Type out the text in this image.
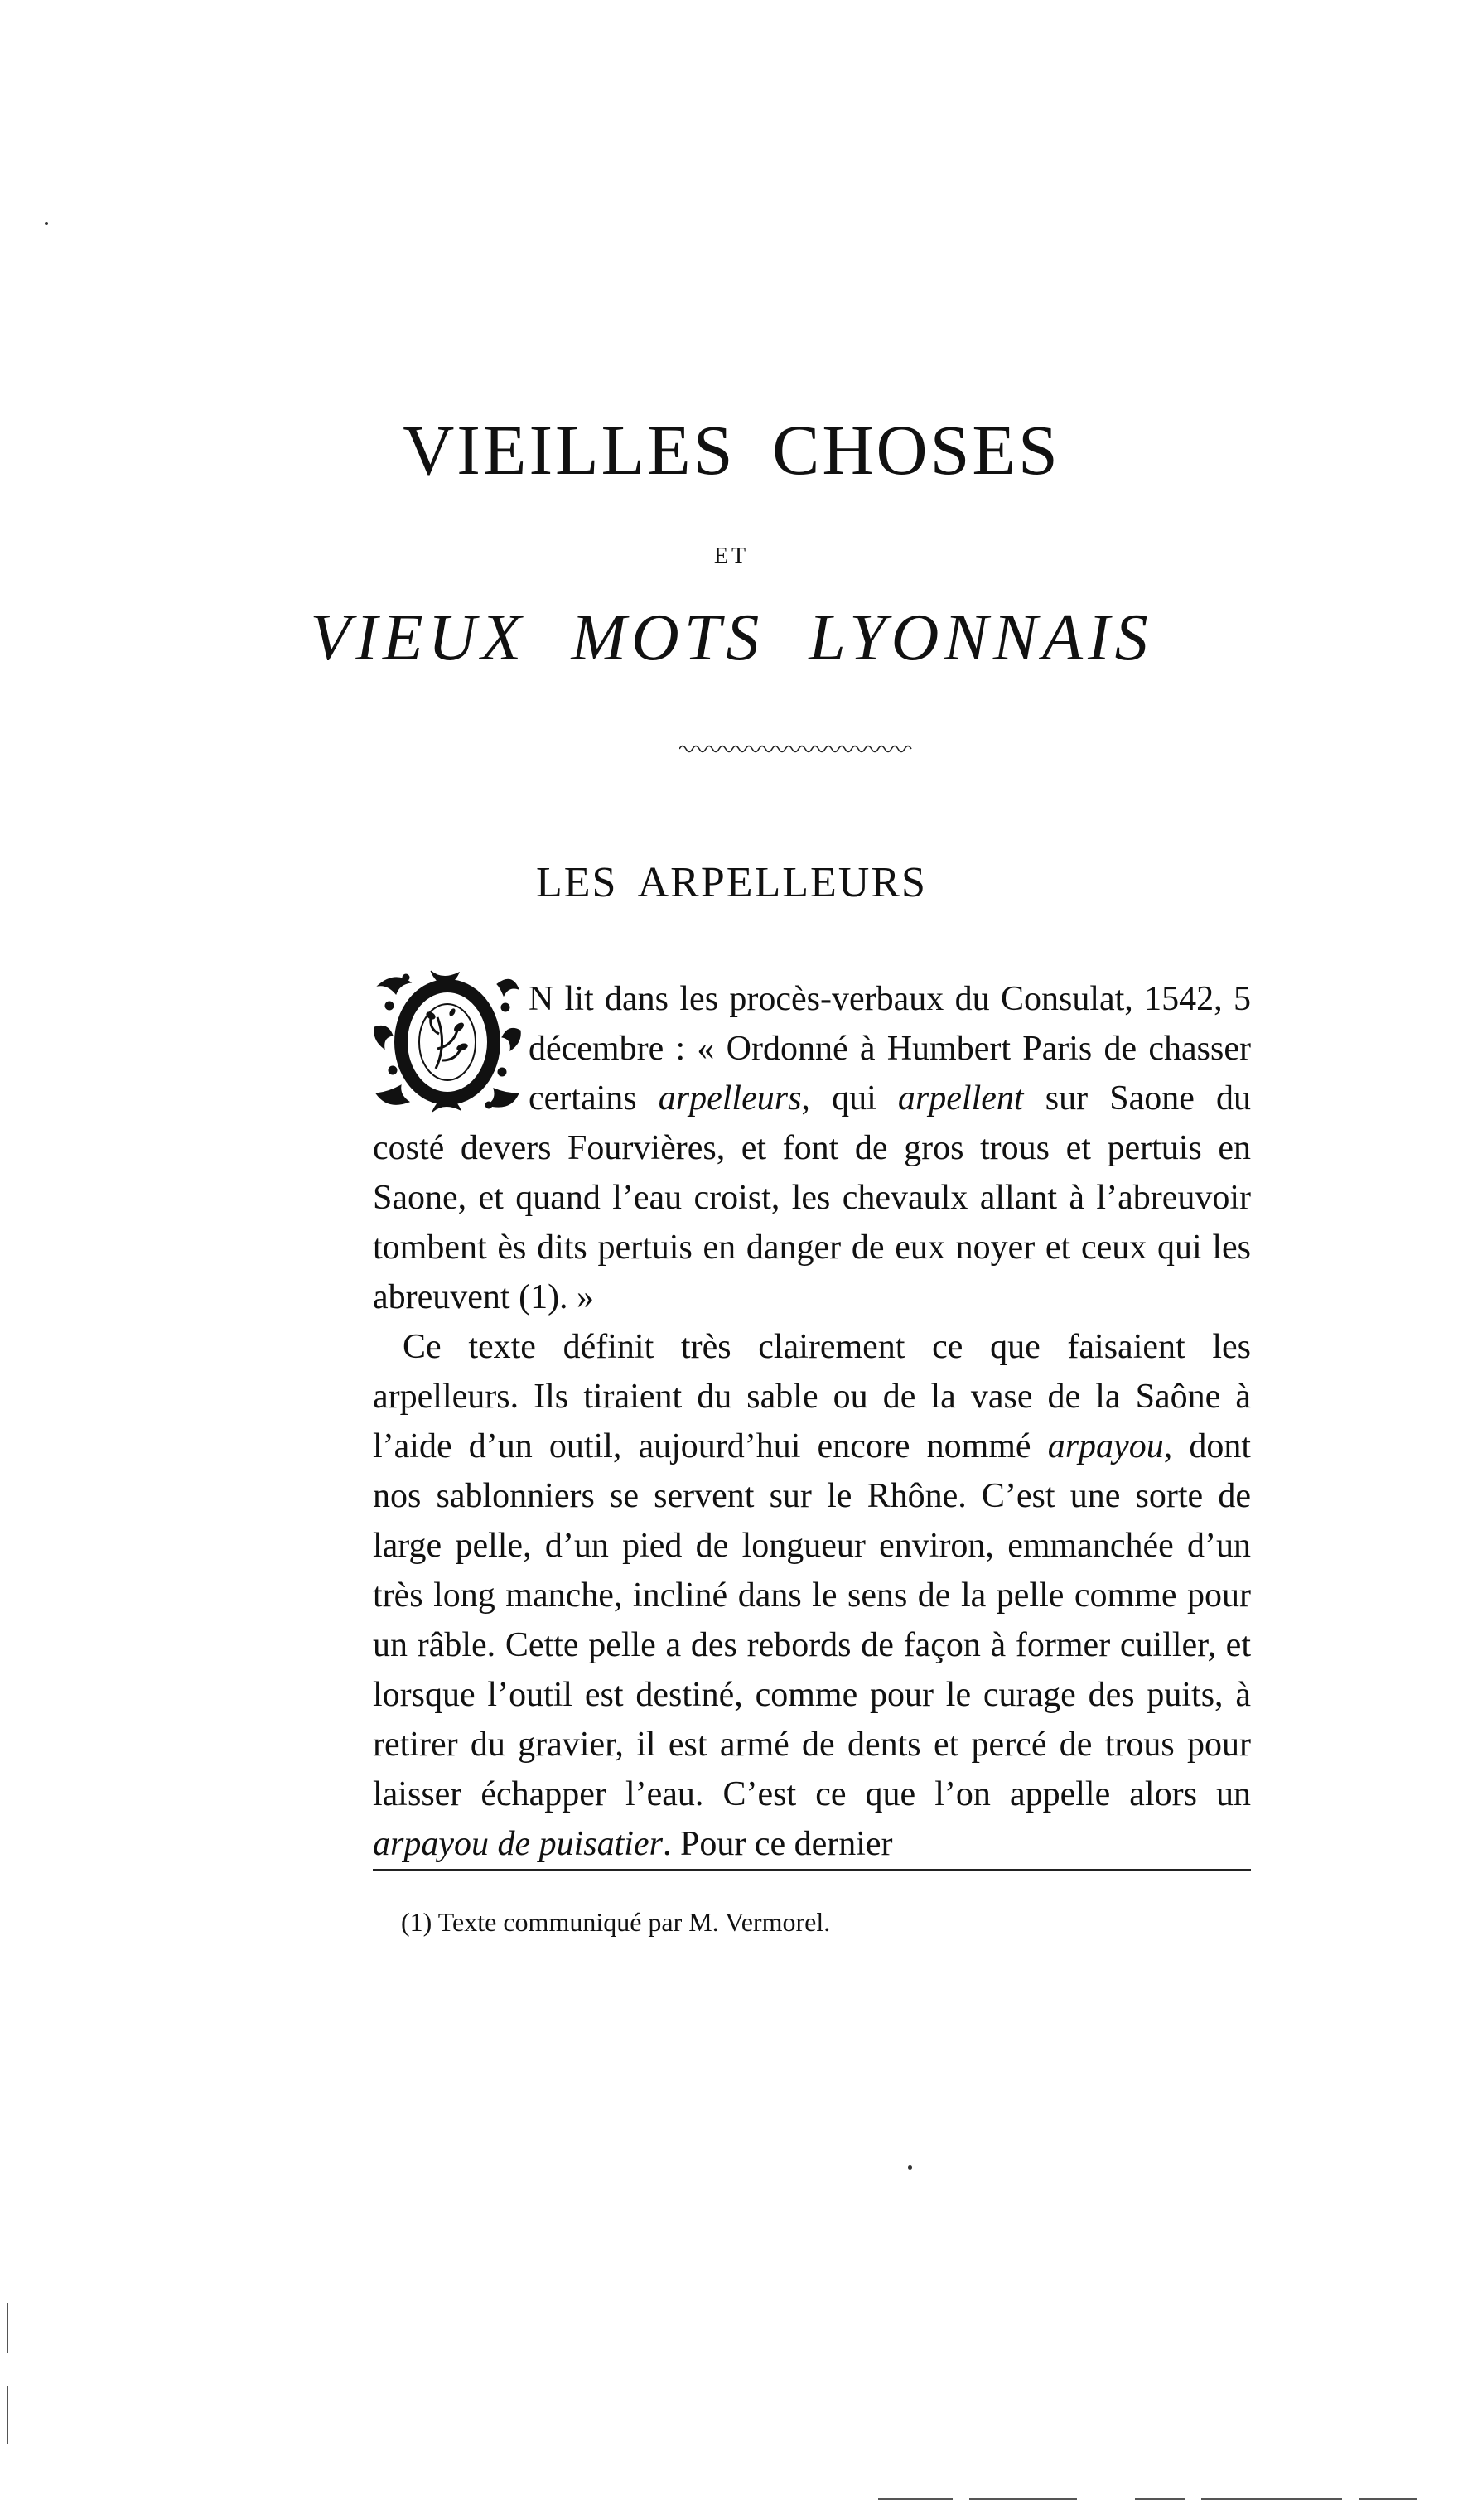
VIEILLES CHOSES
ET
VIEUX MOTS LYONNAIS
LES ARPELLEURS

N lit dans les procès-verbaux du Consulat, 1542, 5 décembre : « Ordonné à Humbert Paris de chasser certains arpelleurs, qui arpellent sur Saone du costé devers Fourvières, et font de gros trous et pertuis en Saone, et quand l’eau croist, les chevaulx allant à l’abreuvoir tombent ès dits pertuis en danger de eux noyer et ceux qui les abreuvent (1). »

Ce texte définit très clairement ce que faisaient les arpelleurs. Ils tiraient du sable ou de la vase de la Saône à l’aide d’un outil, aujourd’hui encore nommé arpayou, dont nos sablonniers se servent sur le Rhône. C’est une sorte de large pelle, d’un pied de longueur environ, emmanchée d’un très long manche, incliné dans le sens de la pelle comme pour un râble. Cette pelle a des rebords de façon à former cuiller, et lorsque l’outil est destiné, comme pour le curage des puits, à retirer du gravier, il est armé de dents et percé de trous pour laisser échapper l’eau. C’est ce que l’on appelle alors un arpayou de puisatier. Pour ce dernier

(1) Texte communiqué par M. Vermorel.
